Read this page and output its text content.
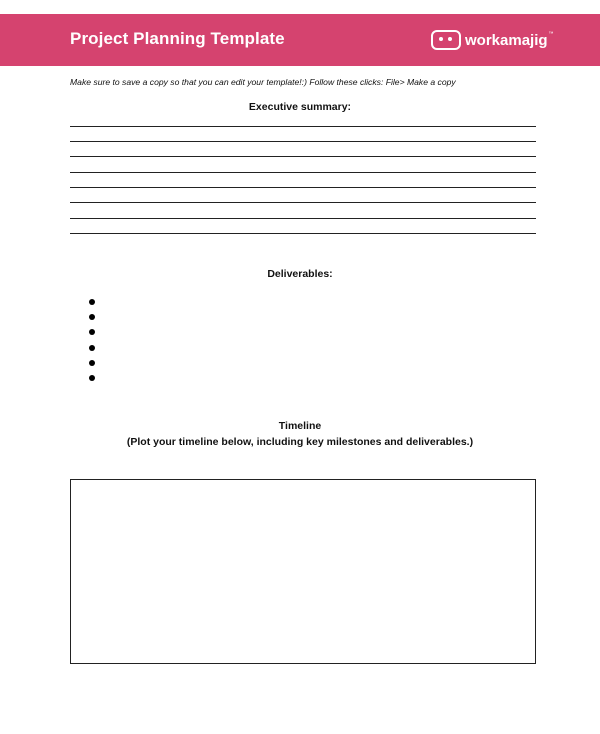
Project Planning Template	workamajig ™
Make sure to save a copy so that you can edit your template!:) Follow these clicks: File> Make a copy
Executive summary:
Deliverables:
Timeline
(Plot your timeline below, including key milestones and deliverables.)
